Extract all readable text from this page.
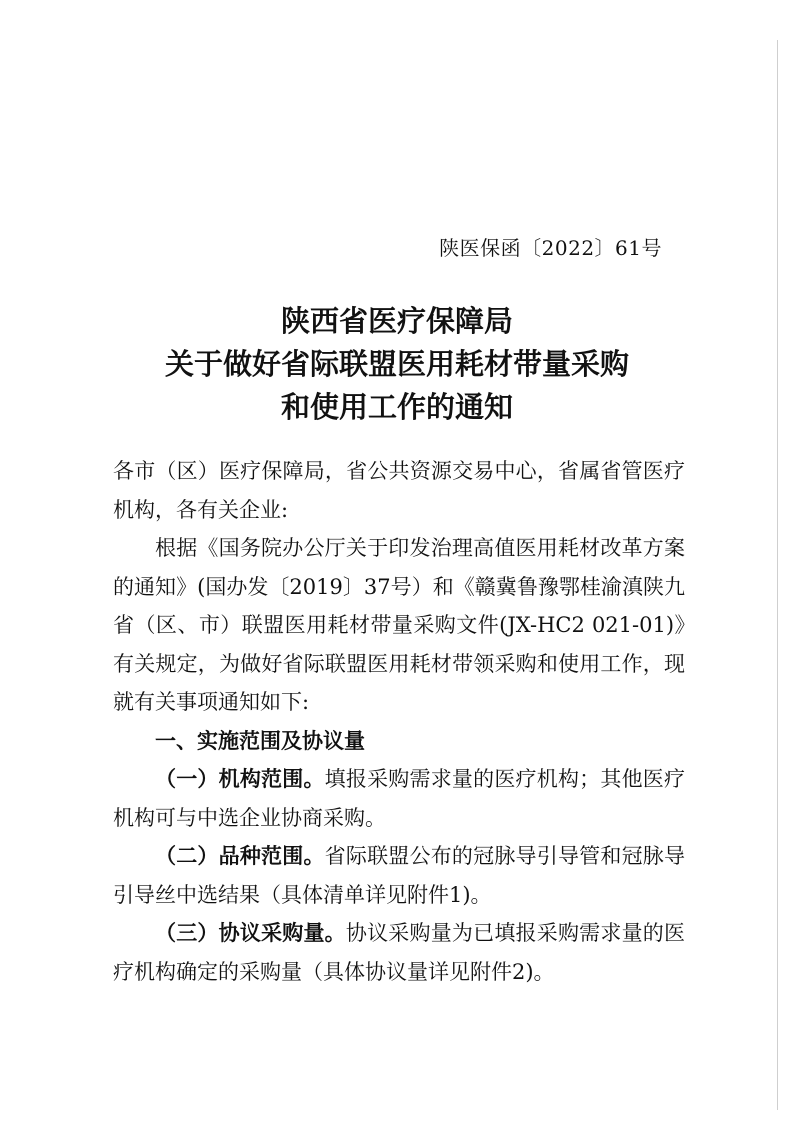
陕医保函〔2022〕61号
陕西省医疗保障局
关于做好省际联盟医用耗材带量采购
和使用工作的通知

各市（区）医疗保障局，省公共资源交易中心，省属省管医疗机构，各有关企业:

根据《国务院办公厅关于印发治理高值医用耗材改革方案的通知》(国办发〔2019〕37号）和《赣冀鲁豫鄂桂渝滇陕九省（区、市）联盟医用耗材带量采购文件(JX-HC2 021-01)》有关规定，为做好省际联盟医用耗材带领采购和使用工作，现就有关事项通知如下:

一、实施范围及协议量

（一）机构范围。填报采购需求量的医疗机构；其他医疗机构可与中选企业协商采购。

（二）品种范围。省际联盟公布的冠脉导引导管和冠脉导引导丝中选结果（具体清单详见附件1)。

（三）协议采购量。协议采购量为已填报采购需求量的医疗机构确定的采购量（具体协议量详见附件2)。
